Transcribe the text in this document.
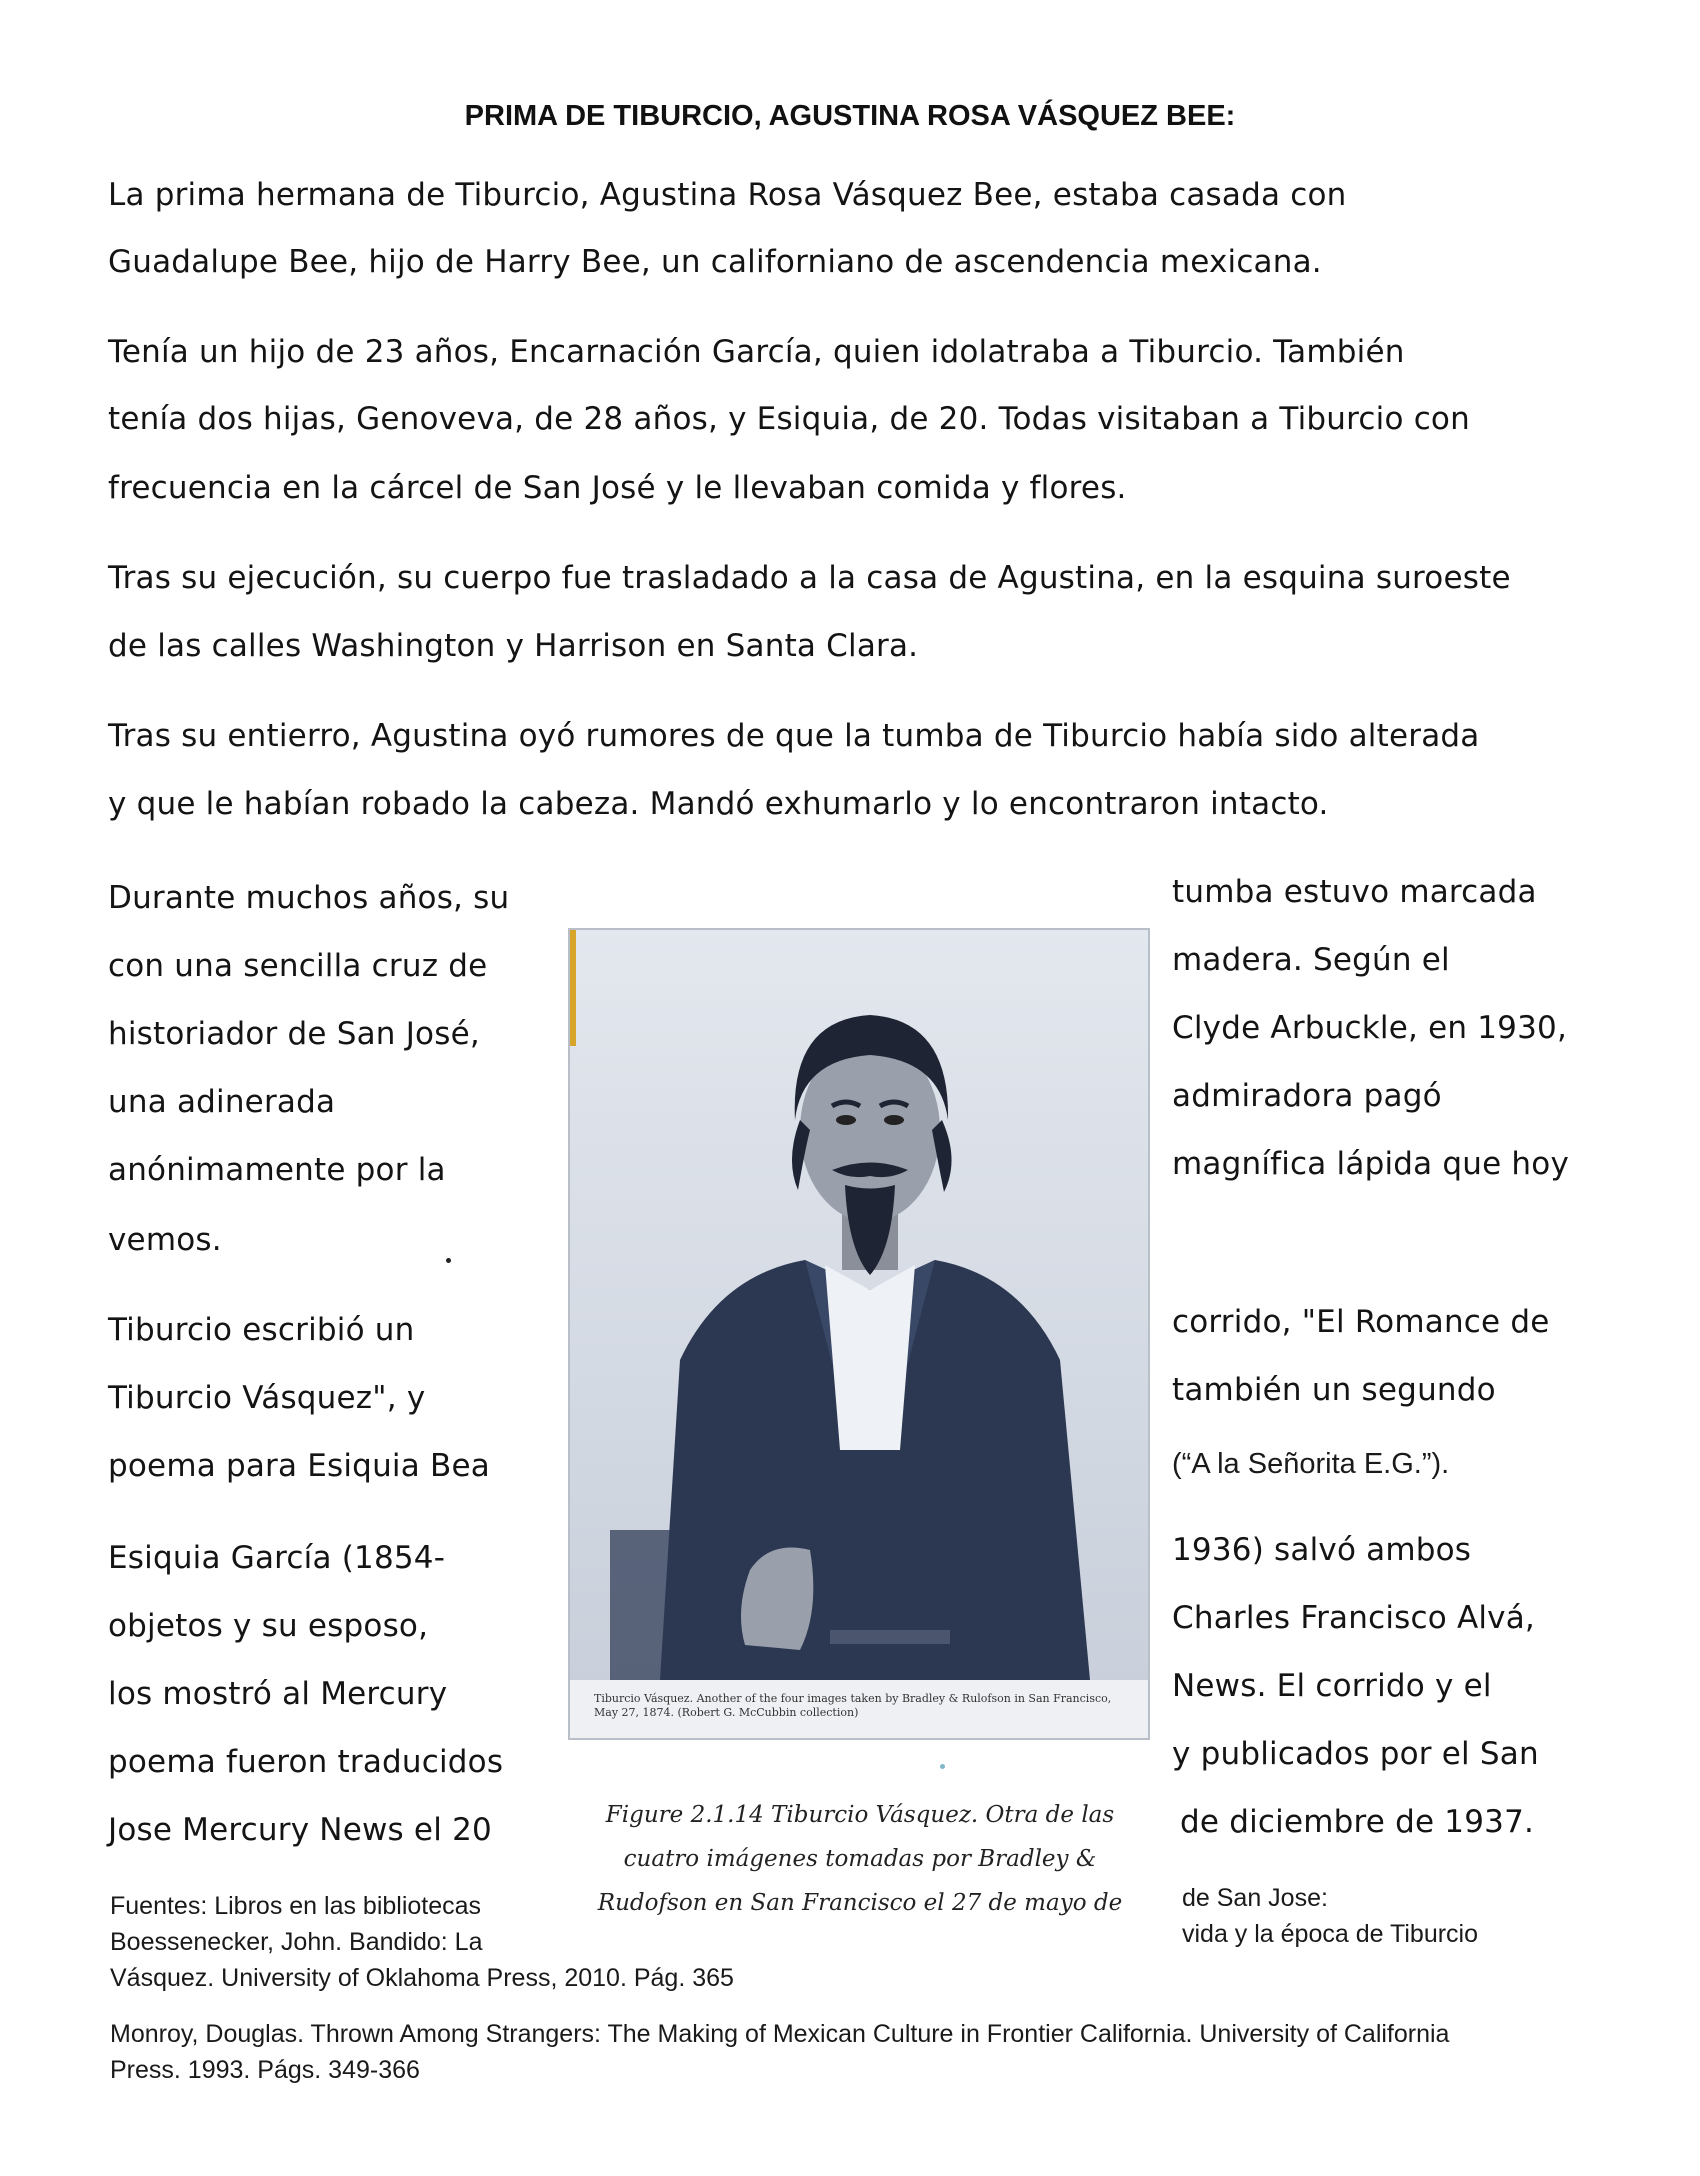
PRIMA DE TIBURCIO, AGUSTINA ROSA VÁSQUEZ BEE:
La prima hermana de Tiburcio, Agustina Rosa Vásquez Bee, estaba casada con
Guadalupe Bee, hijo de Harry Bee, un californiano de ascendencia mexicana.
Tenía un hijo de 23 años, Encarnación García, quien idolatraba a Tiburcio. También
tenía dos hijas, Genoveva, de 28 años, y Esiquia, de 20. Todas visitaban a Tiburcio con
frecuencia en la cárcel de San José y le llevaban comida y flores.
Tras su ejecución, su cuerpo fue trasladado a la casa de Agustina, en la esquina suroeste
de las calles Washington y Harrison en Santa Clara.
Tras su entierro, Agustina oyó rumores de que la tumba de Tiburcio había sido alterada
y que le habían robado la cabeza. Mandó exhumarlo y lo encontraron intacto.
Durante muchos años, su
con una sencilla cruz de
historiador de San José,
una adinerada
anónimamente por la
vemos.
Tiburcio escribió un
Tiburcio Vásquez", y
poema para Esiquia Bea
Esiquia García (1854-
objetos y su esposo,
los mostró al Mercury
poema fueron traducidos
Jose Mercury News el 20
Tiburcio Vásquez. Another of the four images taken by Bradley & Rulofson in San Francisco, May 27, 1874. (Robert G. McCubbin collection)
Figure 2.1.14 Tiburcio Vásquez. Otra de las
cuatro imágenes tomadas por Bradley &
Rudofson en San Francisco el 27 de mayo de
tumba estuvo marcada
madera. Según el
Clyde Arbuckle, en 1930,
admiradora pagó
magnífica lápida que hoy
corrido, "El Romance de
también un segundo
(“A la Señorita E.G.”).
1936) salvó ambos
Charles Francisco Alvá,
News. El corrido y el
y publicados por el San
de diciembre de 1937.
Fuentes: Libros en las bibliotecas
Boessenecker, John. Bandido: La
Vásquez. University of Oklahoma Press, 2010. Pág. 365
de San Jose:
vida y la época de Tiburcio
Monroy, Douglas. Thrown Among Strangers: The Making of Mexican Culture in Frontier California. University of California
Press. 1993. Págs. 349-366
